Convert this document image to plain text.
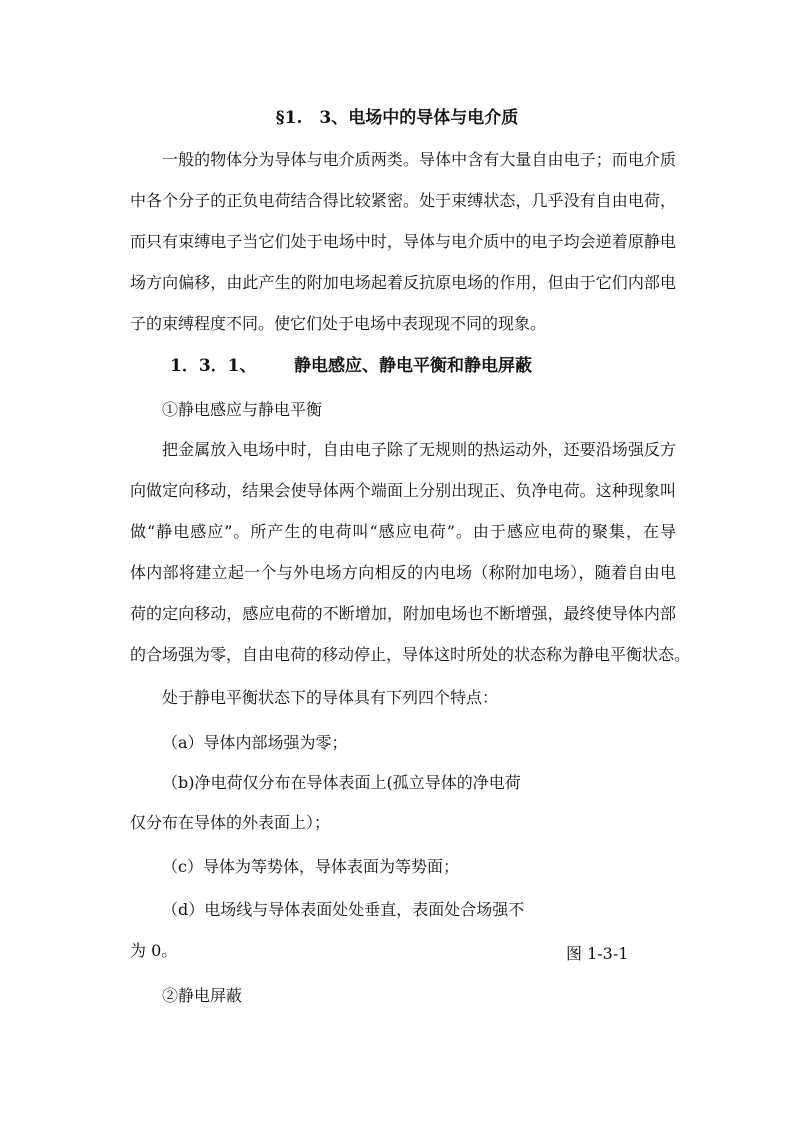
§1.　3、电场中的导体与电介质
一般的物体分为导体与电介质两类。导体中含有大量自由电子；而电介质
中各个分子的正负电荷结合得比较紧密。处于束缚状态，几乎没有自由电荷，
而只有束缚电子当它们处于电场中时，导体与电介质中的电子均会逆着原静电
场方向偏移，由此产生的附加电场起着反抗原电场的作用，但由于它们内部电
子的束缚程度不同。使它们处于电场中表现现不同的现象。
1．3．1、 静电感应、静电平衡和静电屏蔽
①静电感应与静电平衡
把金属放入电场中时，自由电子除了无规则的热运动外，还要沿场强反方
向做定向移动，结果会使导体两个端面上分别出现正、负净电荷。这种现象叫
做“静电感应”。所产生的电荷叫“感应电荷”。由于感应电荷的聚集，在导
体内部将建立起一个与外电场方向相反的内电场（称附加电场），随着自由电
荷的定向移动，感应电荷的不断增加，附加电场也不断增强，最终使导体内部
的合场强为零，自由电荷的移动停止，导体这时所处的状态称为静电平衡状态。
处于静电平衡状态下的导体具有下列四个特点：
（a）导体内部场强为零；
（b)净电荷仅分布在导体表面上(孤立导体的净电荷
仅分布在导体的外表面上）；
（c）导体为等势体，导体表面为等势面；
（d）电场线与导体表面处处垂直，表面处合场强不
为 0。	图 1-3-1
②静电屏蔽
